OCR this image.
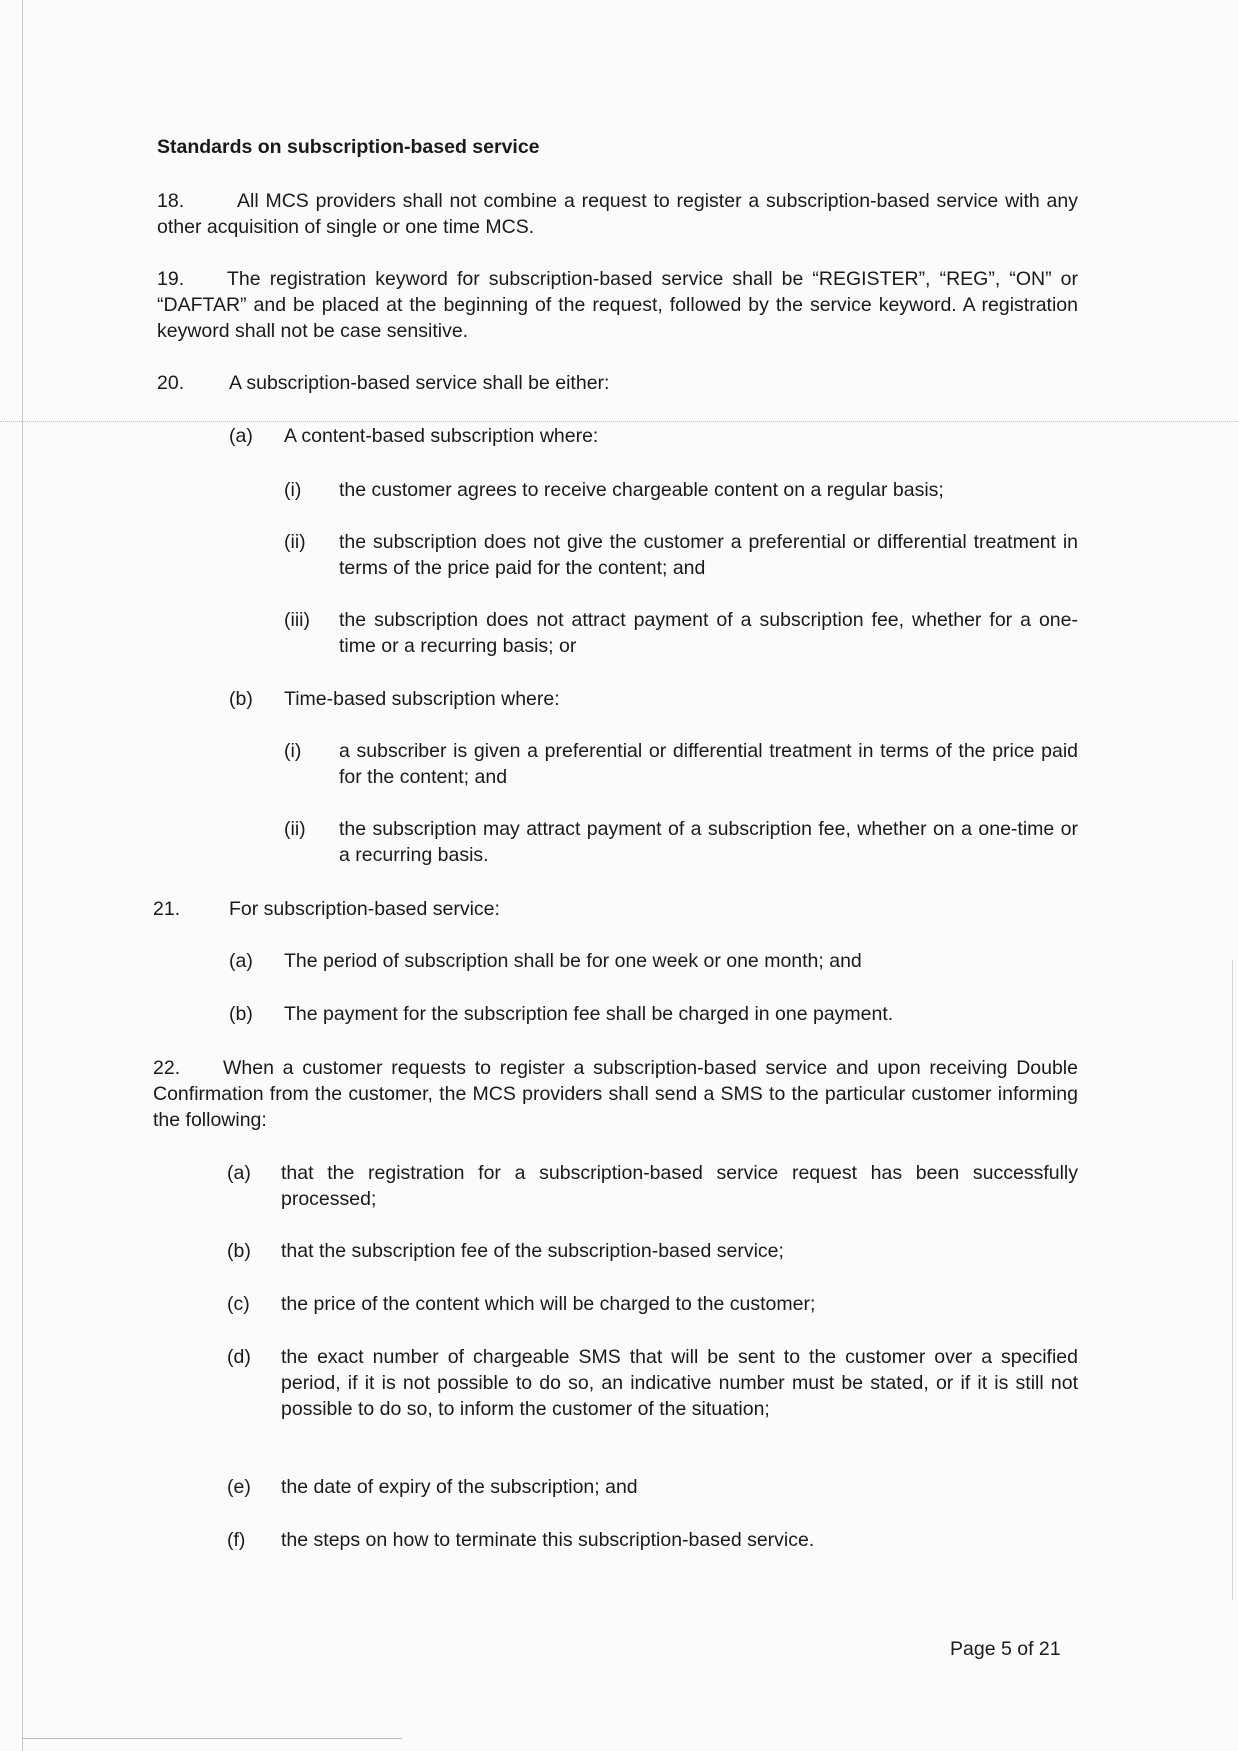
Standards on subscription-based service
18.	All MCS providers shall not combine a request to register a subscription-based service with any other acquisition of single or one time MCS.
19. The registration keyword for subscription-based service shall be “REGISTER”, “REG”, “ON” or “DAFTAR” and be placed at the beginning of the request, followed by the service keyword. A registration keyword shall not be case sensitive.
20. A subscription-based service shall be either:
(a) A content-based subscription where:
(i) the customer agrees to receive chargeable content on a regular basis;
(ii) the subscription does not give the customer a preferential or differential treatment in terms of the price paid for the content; and
(iii) the subscription does not attract payment of a subscription fee, whether for a one-time or a recurring basis; or
(b) Time-based subscription where:
(i) a subscriber is given a preferential or differential treatment in terms of the price paid for the content; and
(ii) the subscription may attract payment of a subscription fee, whether on a one-time or a recurring basis.
21.	For subscription-based service:
(a) The period of subscription shall be for one week or one month; and
(b) The payment for the subscription fee shall be charged in one payment.
22. When a customer requests to register a subscription-based service and upon receiving Double Confirmation from the customer, the MCS providers shall send a SMS to the particular customer informing the following:
(a) that the registration for a subscription-based service request has been successfully processed;
(b) that the subscription fee of the subscription-based service;
(c) the price of the content which will be charged to the customer;
(d) the exact number of chargeable SMS that will be sent to the customer over a specified period, if it is not possible to do so, an indicative number must be stated, or if it is still not possible to do so, to inform the customer of the situation;
(e) the date of expiry of the subscription; and
(f) the steps on how to terminate this subscription-based service.
Page 5 of 21
